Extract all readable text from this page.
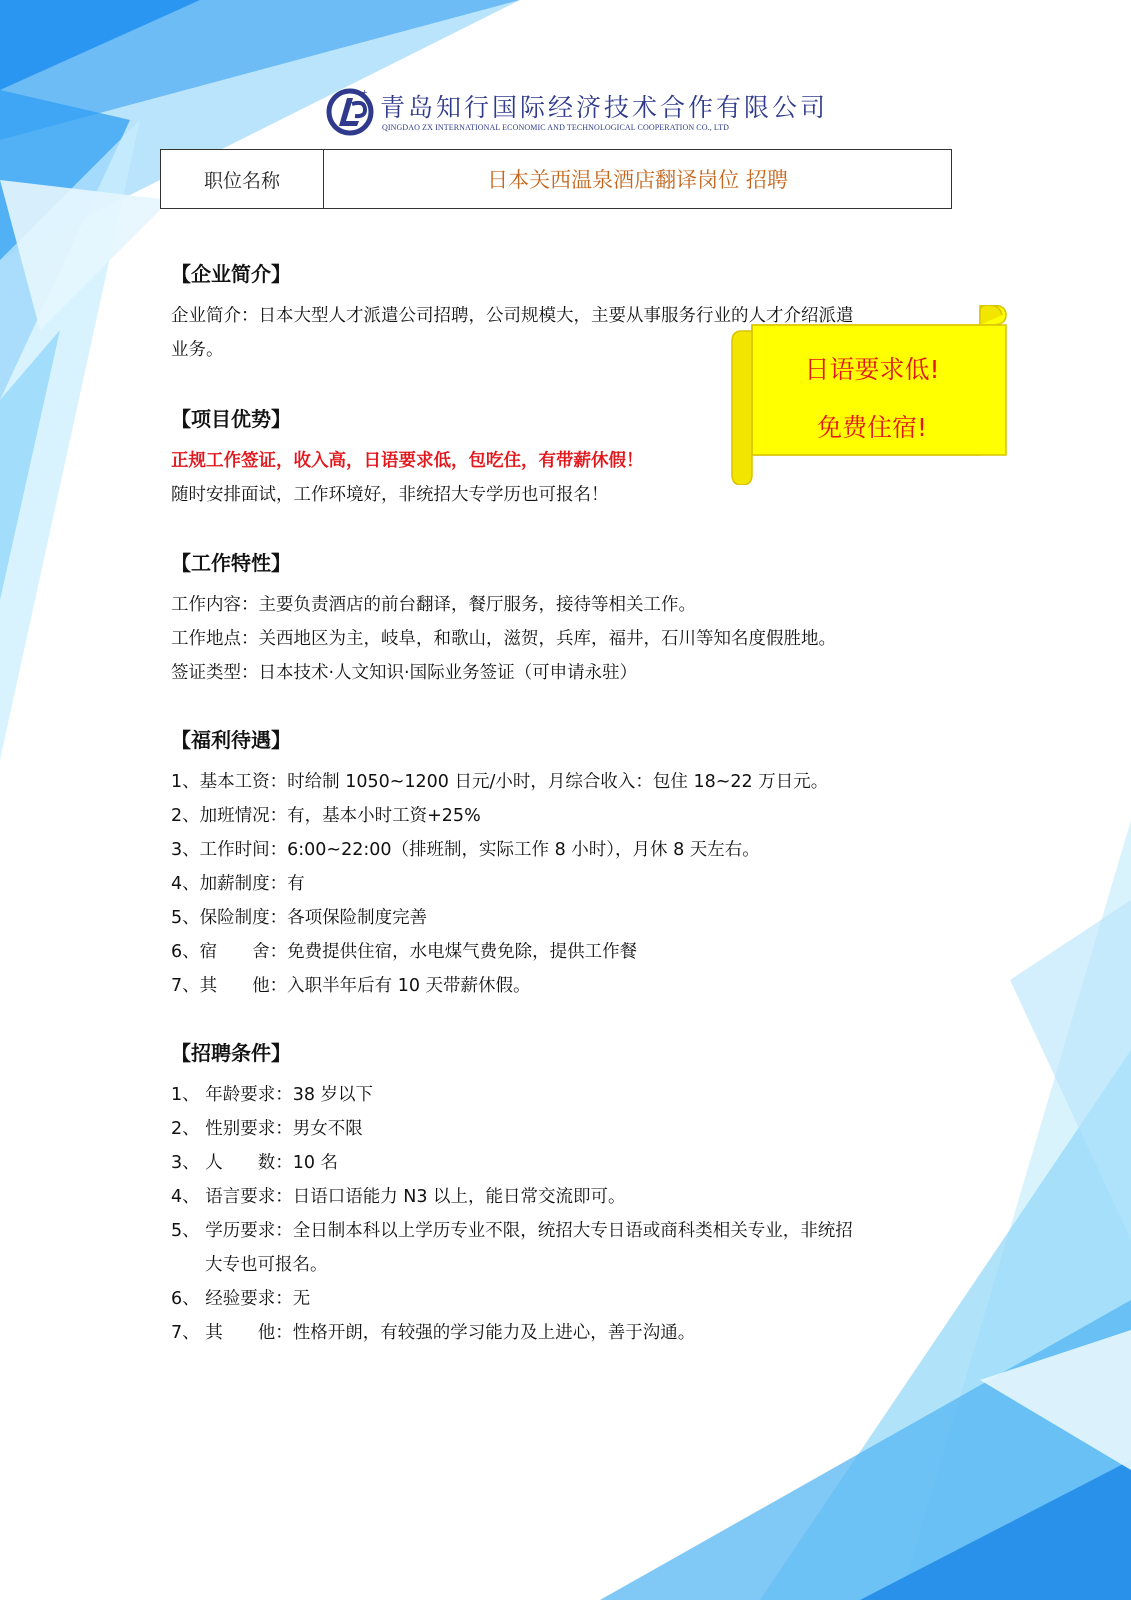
+
青岛知行国际经济技术合作有限公司
QINGDAO ZX INTERNATIONAL ECONOMIC AND TECHNOLOGICAL COOPERATION CO., LTD
职位名称	日本关西温泉酒店翻译岗位 招聘
日语要求低!
免费住宿!
【企业简介】
企业简介：日本大型人才派遣公司招聘，公司规模大，主要从事服务行业的人才介绍派遣
业务。
【项目优势】
正规工作签证，收入高，日语要求低，包吃住，有带薪休假！
随时安排面试，工作环境好，非统招大专学历也可报名！
【工作特性】
工作内容：主要负责酒店的前台翻译，餐厅服务，接待等相关工作。
工作地点：关西地区为主，岐阜，和歌山，滋贺，兵库，福井，石川等知名度假胜地。
签证类型：日本技术·人文知识·国际业务签证（可申请永驻）
【福利待遇】
1、基本工资：时给制 1050~1200 日元/小时，月综合收入：包住 18~22 万日元。
2、加班情况：有，基本小时工资+25%
3、工作时间：6:00~22:00（排班制，实际工作 8 小时），月休 8 天左右。
4、加薪制度：有
5、保险制度：各项保险制度完善
6、宿　　舍：免费提供住宿，水电煤气费免除，提供工作餐
7、其　　他：入职半年后有 10 天带薪休假。
【招聘条件】
1、 年龄要求：38 岁以下
2、 性别要求：男女不限
3、 人　　数：10 名
4、 语言要求：日语口语能力 N3 以上，能日常交流即可。
5、 学历要求：全日制本科以上学历专业不限，统招大专日语或商科类相关专业，非统招
大专也可报名。
6、 经验要求：无
7、 其　　他：性格开朗，有较强的学习能力及上进心，善于沟通。
